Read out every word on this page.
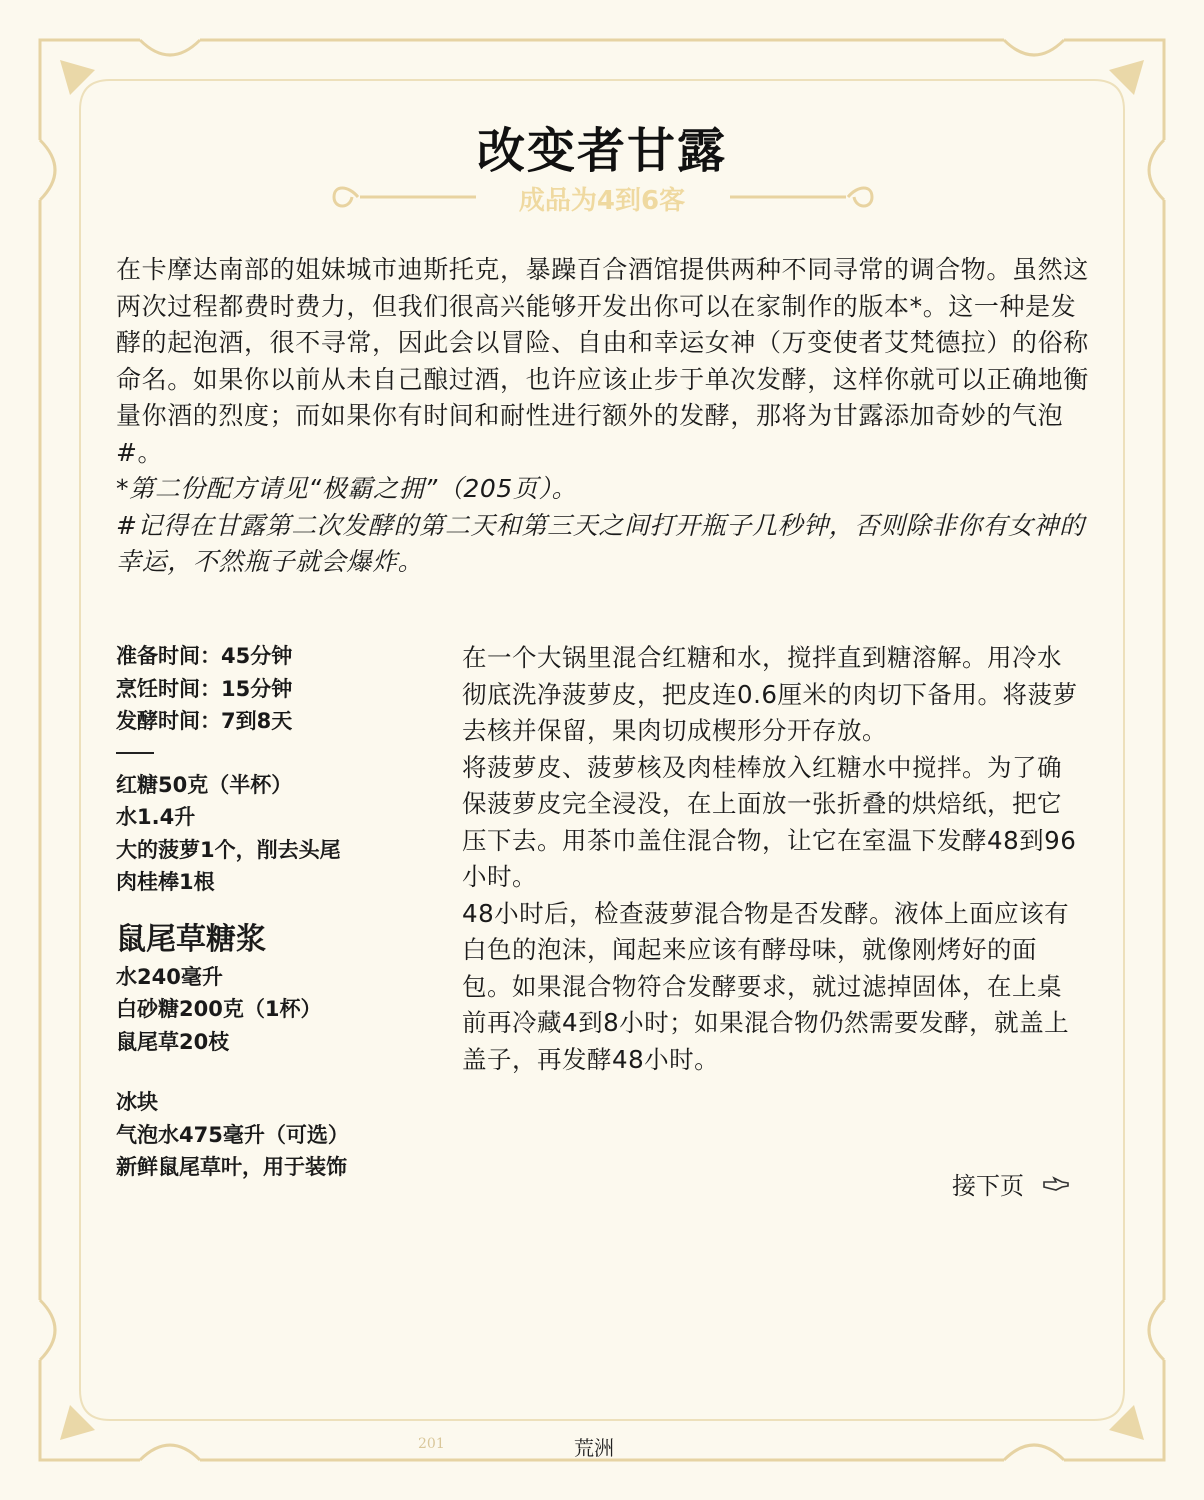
改变者甘露
成品为4到6客

在卡摩达南部的姐妹城市迪斯托克，暴躁百合酒馆提供两种不同寻常的调合物。虽然这两次过程都费时费力，但我们很高兴能够开发出你可以在家制作的版本*。这一种是发酵的起泡酒，很不寻常，因此会以冒险、自由和幸运女神（万变使者艾梵德拉）的俗称命名。如果你以前从未自己酿过酒，也许应该止步于单次发酵，这样你就可以正确地衡量你酒的烈度；而如果你有时间和耐性进行额外的发酵，那将为甘露添加奇妙的气泡#。

*第二份配方请见“极霸之拥”（205页）。

#记得在甘露第二次发酵的第二天和第三天之间打开瓶子几秒钟，否则除非你有女神的幸运，不然瓶子就会爆炸。

准备时间：45分钟
烹饪时间：15分钟
发酵时间：7到8天
红糖50克（半杯）
水1.4升
大的菠萝1个，削去头尾
肉桂棒1根
鼠尾草糖浆
水240毫升
白砂糖200克（1杯）
鼠尾草20枝
冰块
气泡水475毫升（可选）
新鲜鼠尾草叶，用于装饰

在一个大锅里混合红糖和水，搅拌直到糖溶解。用冷水彻底洗净菠萝皮，把皮连0.6厘米的肉切下备用。将菠萝去核并保留，果肉切成楔形分开存放。

将菠萝皮、菠萝核及肉桂棒放入红糖水中搅拌。为了确保菠萝皮完全浸没，在上面放一张折叠的烘焙纸，把它压下去。用茶巾盖住混合物，让它在室温下发酵48到96小时。

48小时后，检查菠萝混合物是否发酵。液体上面应该有白色的泡沫，闻起来应该有酵母味，就像刚烤好的面包。如果混合物符合发酵要求，就过滤掉固体，在上桌前再冷藏4到8小时；如果混合物仍然需要发酵，就盖上盖子，再发酵48小时。

接下页
201	荒洲
